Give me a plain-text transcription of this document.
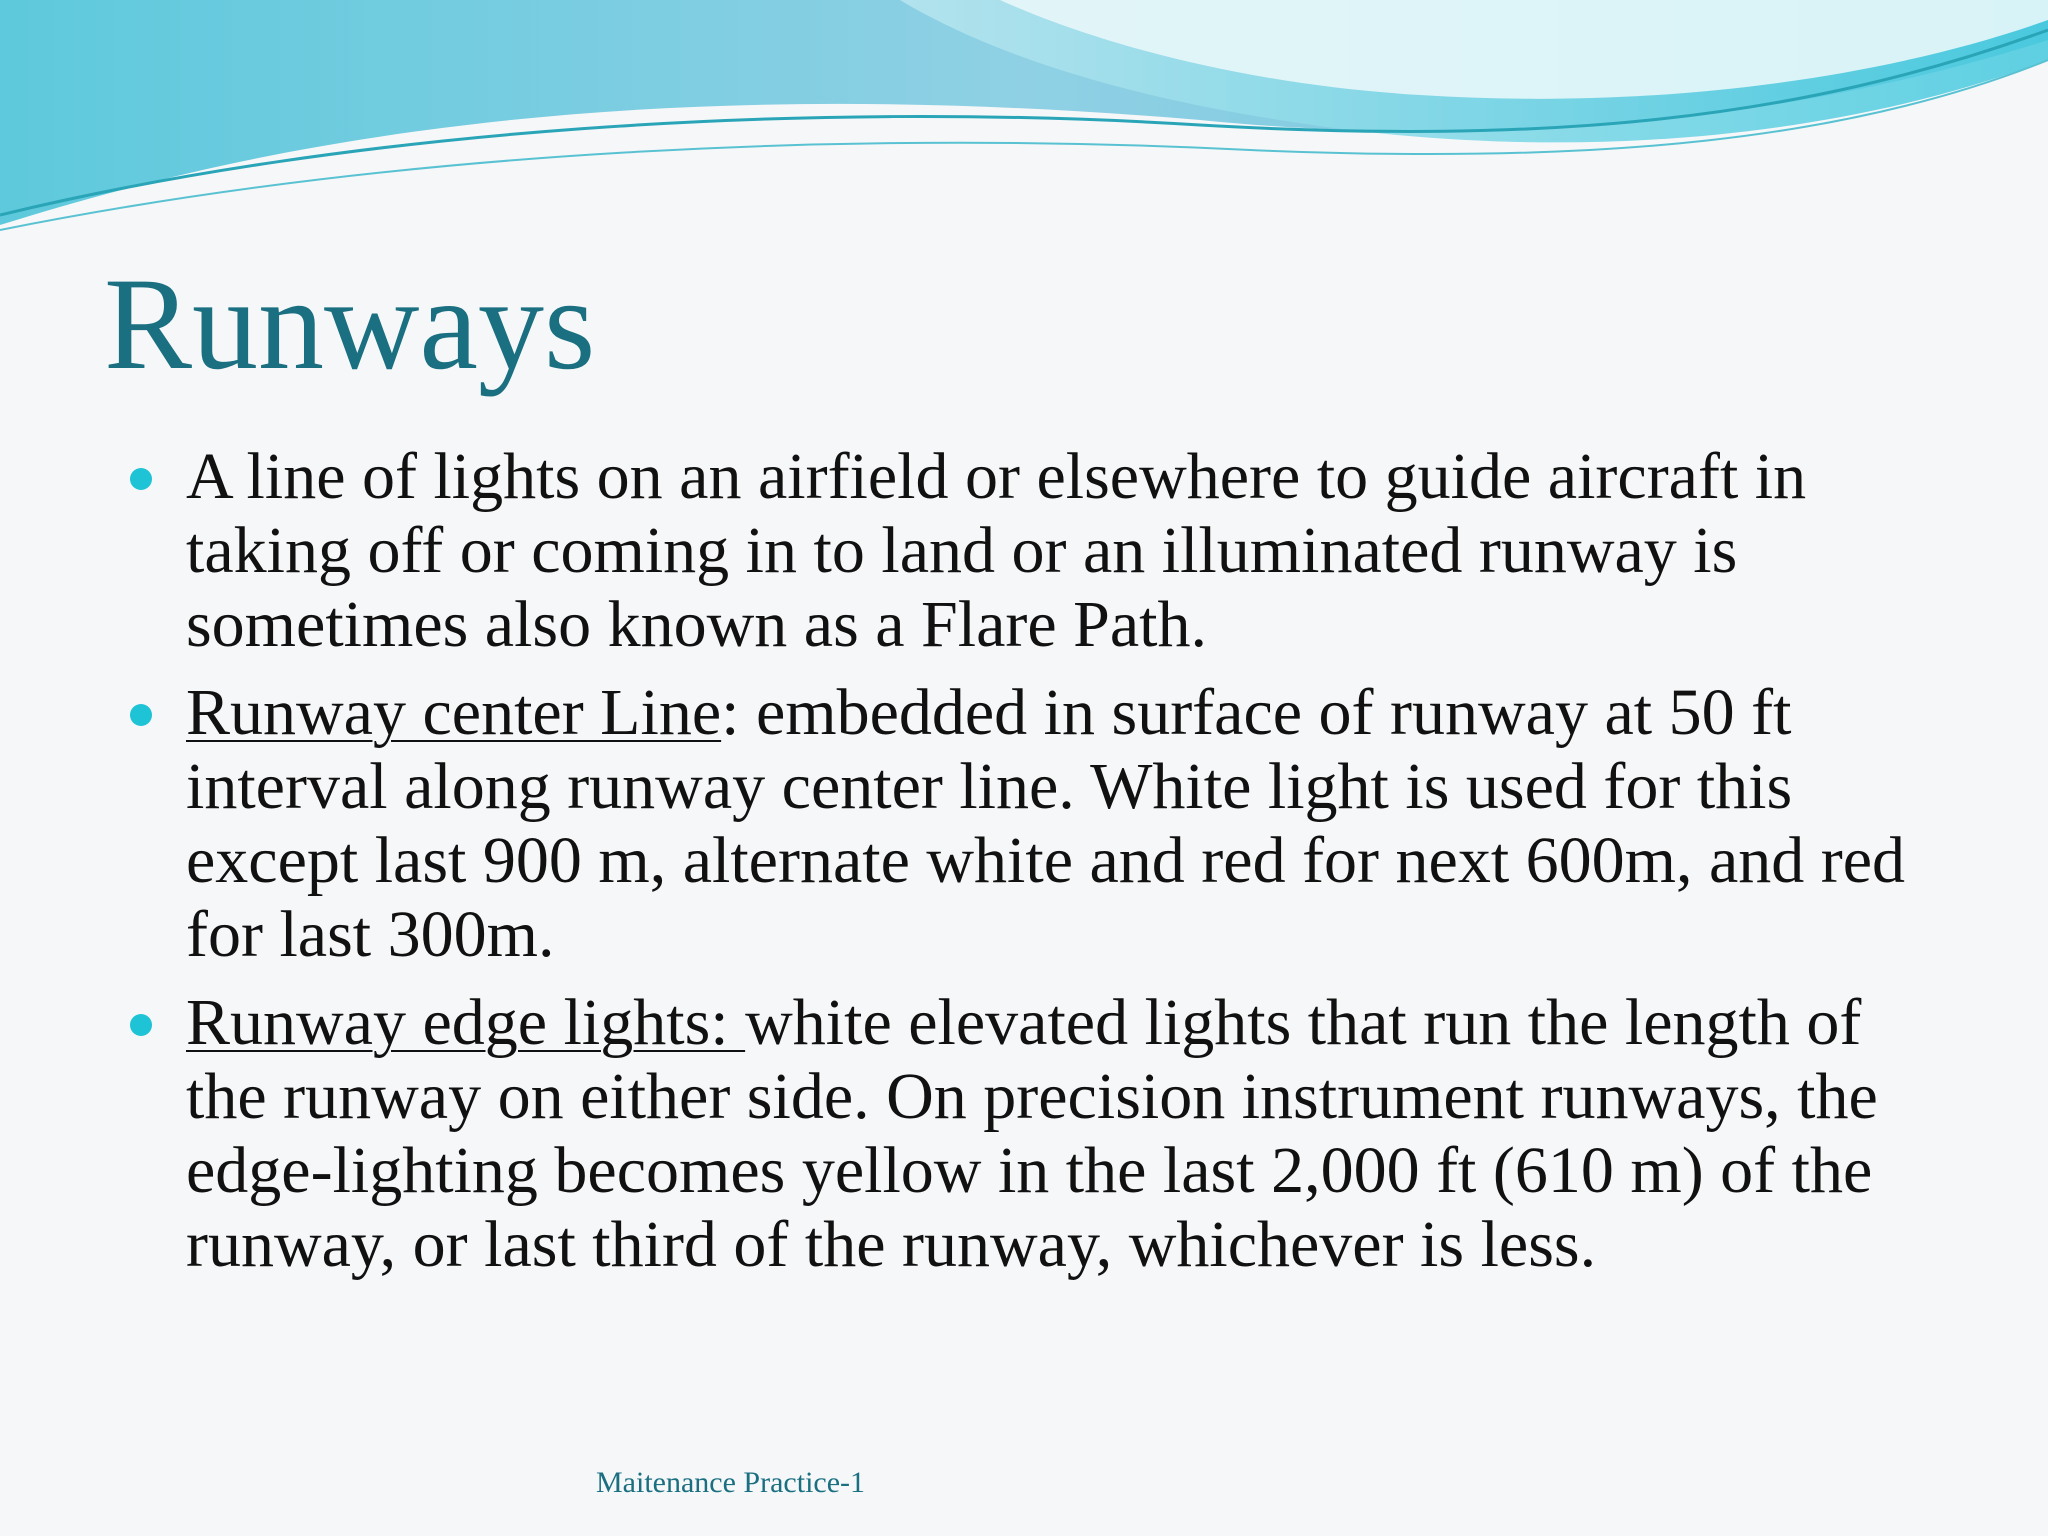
Runways
A line of lights on an airfield or elsewhere to guide aircraft in taking off or coming in to land or an illuminated runway is sometimes also known as a Flare Path.
Runway center Line: embedded in surface of runway at 50 ft interval along runway center line. White light is used for this except last 900 m, alternate white and red for next 600m, and red for last 300m.
Runway edge lights: white elevated lights that run the length of the runway on either side. On precision instrument runways, the edge-lighting becomes yellow in the last 2,000 ft (610 m) of the runway, or last third of the runway, whichever is less.
Maitenance Practice-1
